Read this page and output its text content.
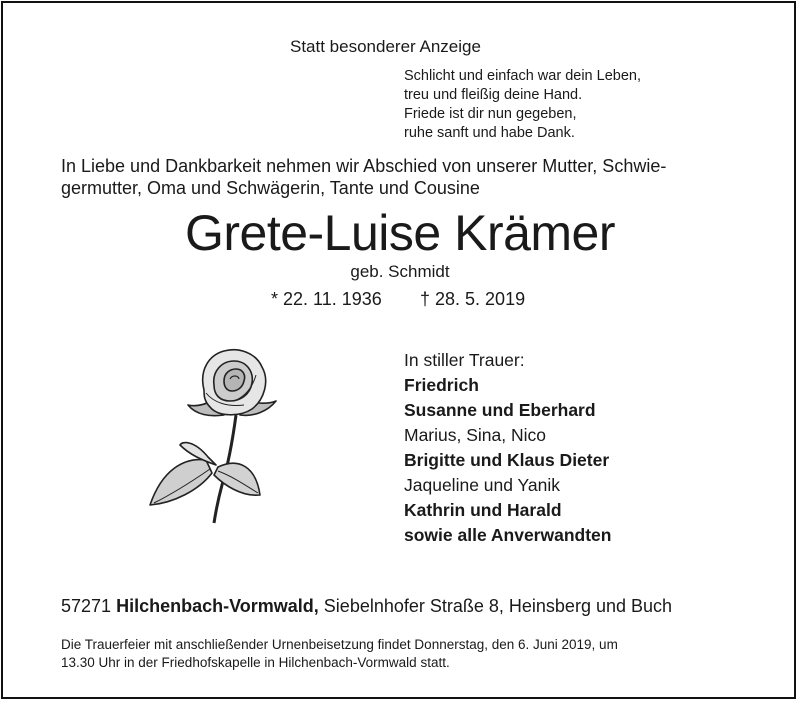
Statt besonderer Anzeige
Schlicht und einfach war dein Leben,
treu und fleißig deine Hand.
Friede ist dir nun gegeben,
ruhe sanft und habe Dank.
In Liebe und Dankbarkeit nehmen wir Abschied von unserer Mutter, Schwie-
germutter, Oma und Schwägerin, Tante und Cousine
Grete-Luise Krämer
geb. Schmidt
* 22. 11. 1936 † 28. 5. 2019
In stiller Trauer:
Friedrich
Susanne und Eberhard
Marius, Sina, Nico
Brigitte und Klaus Dieter
Jaqueline und Yanik
Kathrin und Harald
sowie alle Anverwandten
57271 Hilchenbach-Vormwald, Siebelnhofer Straße 8, Heinsberg und Buch
Die Trauerfeier mit anschließender Urnenbeisetzung findet Donnerstag, den 6. Juni 2019, um
13.30 Uhr in der Friedhofskapelle in Hilchenbach-Vormwald statt.
